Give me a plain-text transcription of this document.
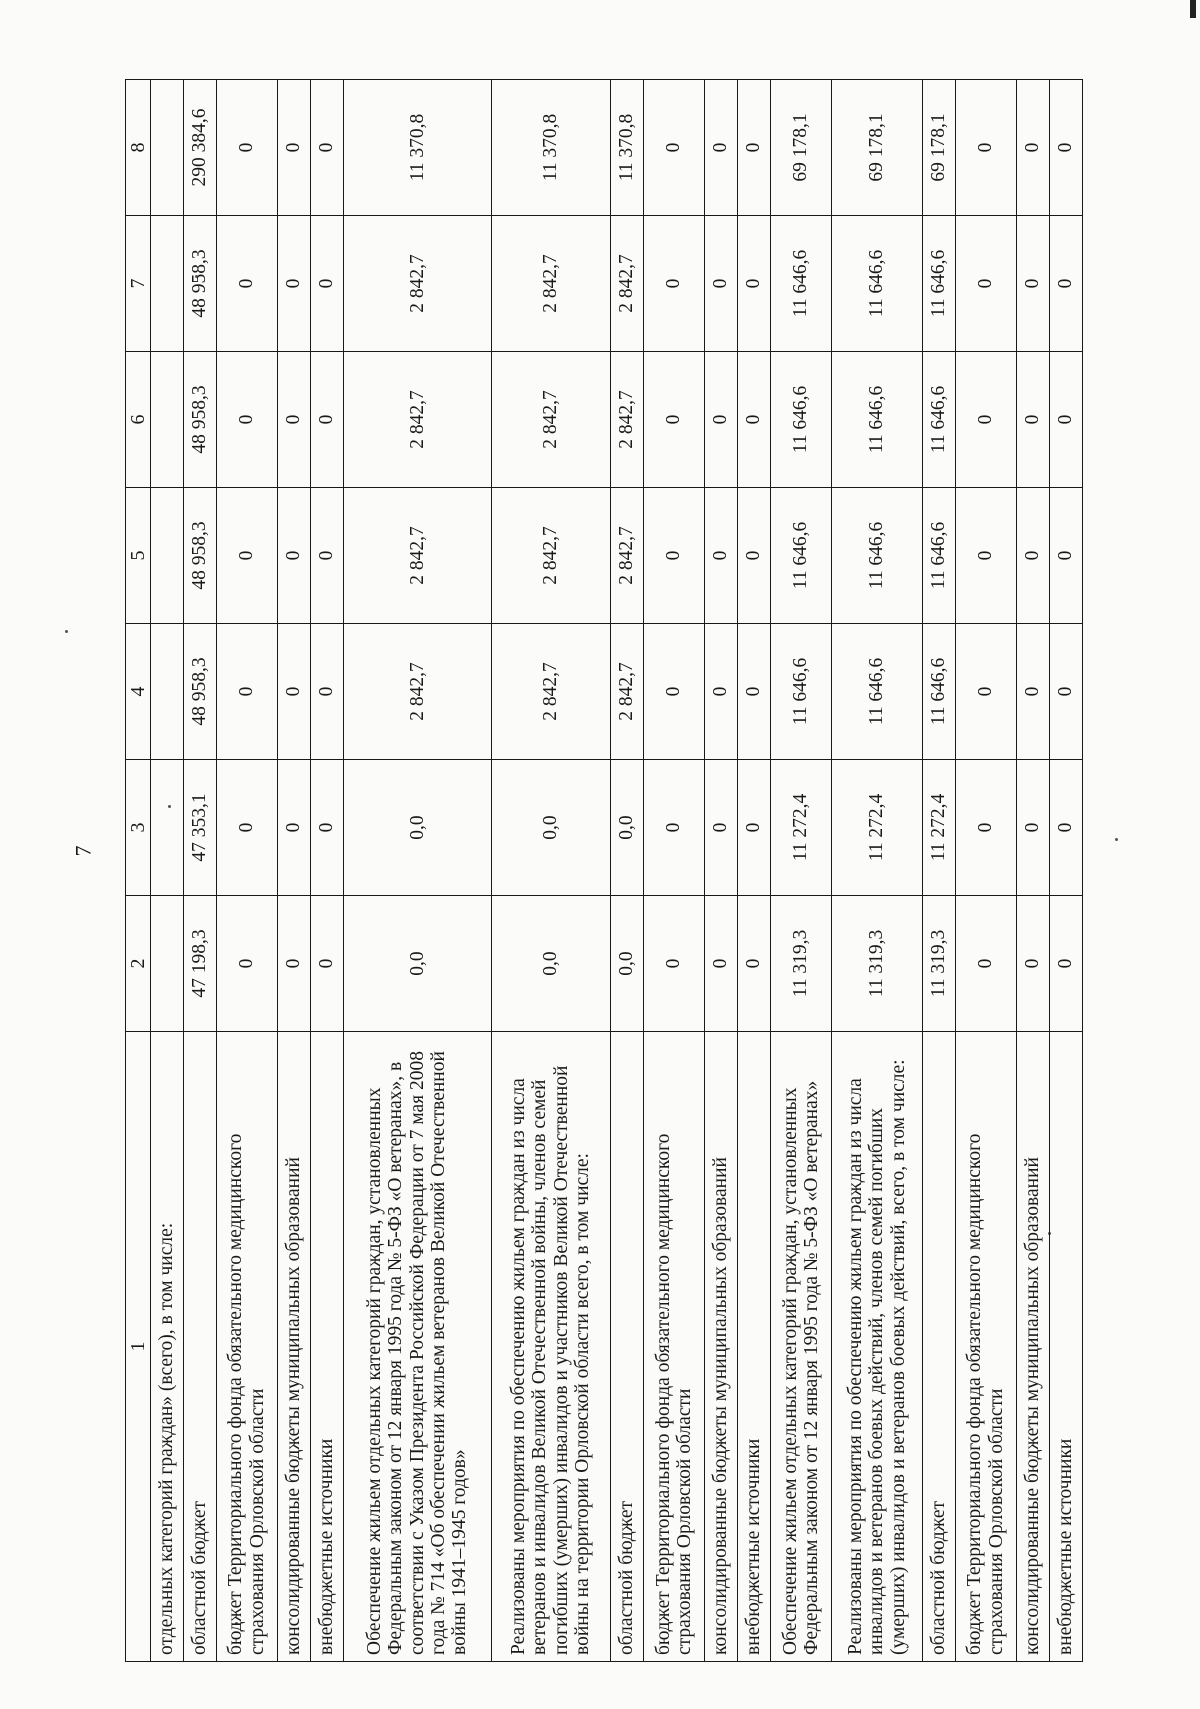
7
1	2	3	4	5	6	7	8
отдельных категорий граждан» (всего), в том числе:							
областной бюджет	47 198,3	47 353,1	48 958,3	48 958,3	48 958,3	48 958,3	290 384,6
бюджет Территориального фонда обязательного медицинского страхования Орловской области	0	0	0	0	0	0	0
консолидированные бюджеты муниципальных образований	0	0	0	0	0	0	0
внебюджетные источники	0	0	0	0	0	0	0
Обеспечение жильем отдельных категорий граждан, установленных Федеральным законом от 12 января 1995 года № 5-ФЗ «О ветеранах», в соответствии с Указом Президента Российской Федерации от 7 мая 2008 года № 714 «Об обеспечении жильем ветеранов Великой Отечественной войны 1941–1945 годов»	0,0	0,0	2 842,7	2 842,7	2 842,7	2 842,7	11 370,8
Реализованы мероприятия по обеспечению жильем граждан из числа ветеранов и инвалидов Великой Отечественной войны, членов семей погибших (умерших) инвалидов и участников Великой Отечественной войны на территории Орловской области всего, в том числе:	0,0	0,0	2 842,7	2 842,7	2 842,7	2 842,7	11 370,8
областной бюджет	0,0	0,0	2 842,7	2 842,7	2 842,7	2 842,7	11 370,8
бюджет Территориального фонда обязательного медицинского страхования Орловской области	0	0	0	0	0	0	0
консолидированные бюджеты муниципальных образований	0	0	0	0	0	0	0
внебюджетные источники	0	0	0	0	0	0	0
Обеспечение жильем отдельных категорий граждан, установленных Федеральным законом от 12 января 1995 года № 5-ФЗ «О ветеранах»	11 319,3	11 272,4	11 646,6	11 646,6	11 646,6	11 646,6	69 178,1
Реализованы мероприятия по обеспечению жильем граждан из числа инвалидов и ветеранов боевых действий, членов семей погибших (умерших) инвалидов и ветеранов боевых действий, всего, в том числе:	11 319,3	11 272,4	11 646,6	11 646,6	11 646,6	11 646,6	69 178,1
областной бюджет	11 319,3	11 272,4	11 646,6	11 646,6	11 646,6	11 646,6	69 178,1
бюджет Территориального фонда обязательного медицинского страхования Орловской области	0	0	0	0	0	0	0
консолидированные бюджеты муниципальных образований	0	0	0	0	0	0	0
внебюджетные источники	0	0	0	0	0	0	0
